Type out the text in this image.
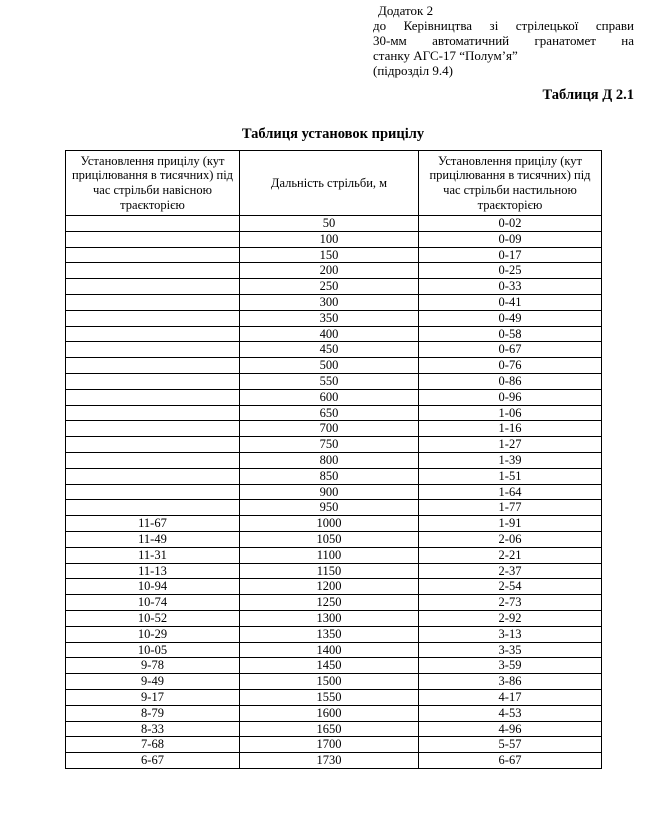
Додаток 2
до Керівництва зі стрілецької справи
30-мм автоматичний гранатомет на
станку АГС-17 “Полум’я”
(підрозділ 9.4)
Таблиця Д 2.1
Таблиця установок прицілу
Установлення прицілу (кут прицілювання в тисячних) під час стрільби навісною траєкторією	Дальність стрільби, м	Установлення прицілу (кут прицілювання в тисячних) під час стрільби настильною траєкторією
	50	0-02
	100	0-09
	150	0-17
	200	0-25
	250	0-33
	300	0-41
	350	0-49
	400	0-58
	450	0-67
	500	0-76
	550	0-86
	600	0-96
	650	1-06
	700	1-16
	750	1-27
	800	1-39
	850	1-51
	900	1-64
	950	1-77
11-67	1000	1-91
11-49	1050	2-06
11-31	1100	2-21
11-13	1150	2-37
10-94	1200	2-54
10-74	1250	2-73
10-52	1300	2-92
10-29	1350	3-13
10-05	1400	3-35
9-78	1450	3-59
9-49	1500	3-86
9-17	1550	4-17
8-79	1600	4-53
8-33	1650	4-96
7-68	1700	5-57
6-67	1730	6-67
